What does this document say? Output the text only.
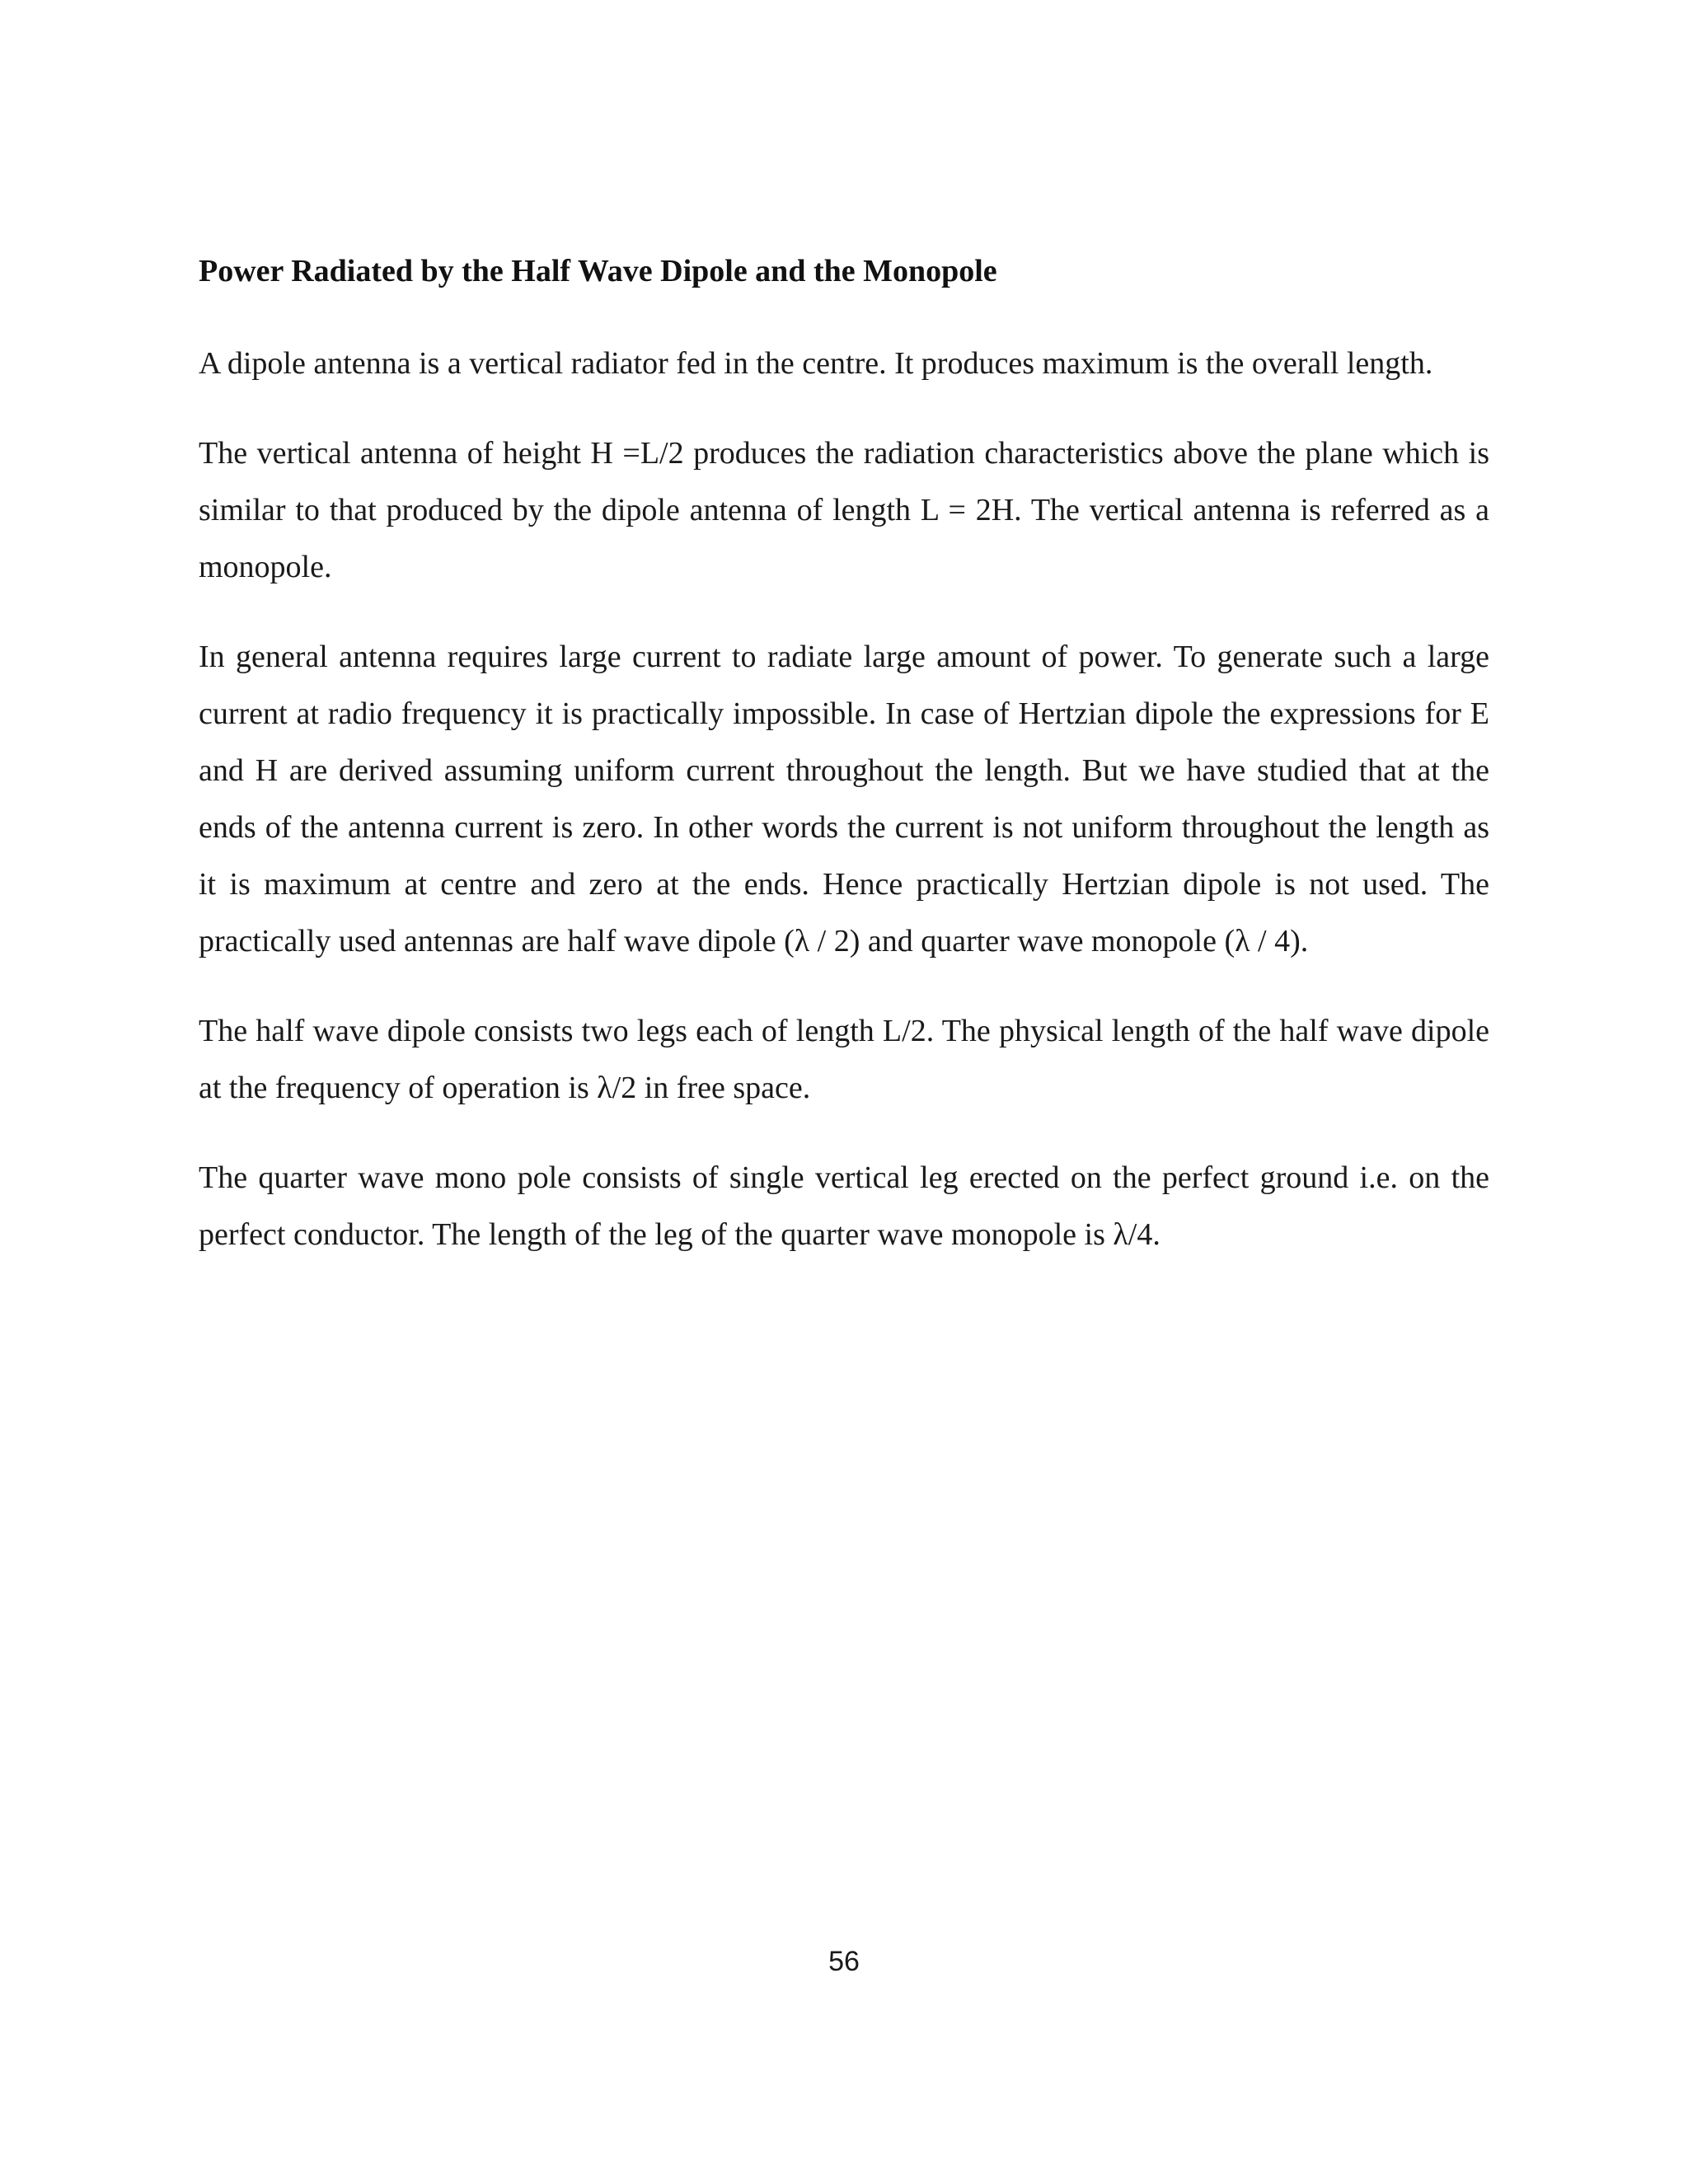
Power Radiated by the Half Wave Dipole and the Monopole

A dipole antenna is a vertical radiator fed in the centre. It produces maximum is the overall length.

The vertical antenna of height H =L/2 produces the radiation characteristics above the plane which is similar to that produced by the dipole antenna of length L = 2H. The vertical antenna is referred as a monopole.

In general antenna requires large current to radiate large amount of power. To generate such a large current at radio frequency it is practically impossible. In case of Hertzian dipole the expressions for E and H are derived assuming uniform current throughout the length. But we have studied that at the ends of the antenna current is zero. In other words the current is not uniform throughout the length as it is maximum at centre and zero at the ends. Hence practically Hertzian dipole is not used. The practically used antennas are half wave dipole (λ / 2) and quarter wave monopole (λ / 4).

The half wave dipole consists two legs each of length L/2. The physical length of the half wave dipole at the frequency of operation is λ/2 in free space.

The quarter wave mono pole consists of single vertical leg erected on the perfect ground i.e. on the perfect conductor. The length of the leg of the quarter wave monopole is λ/4.

56
